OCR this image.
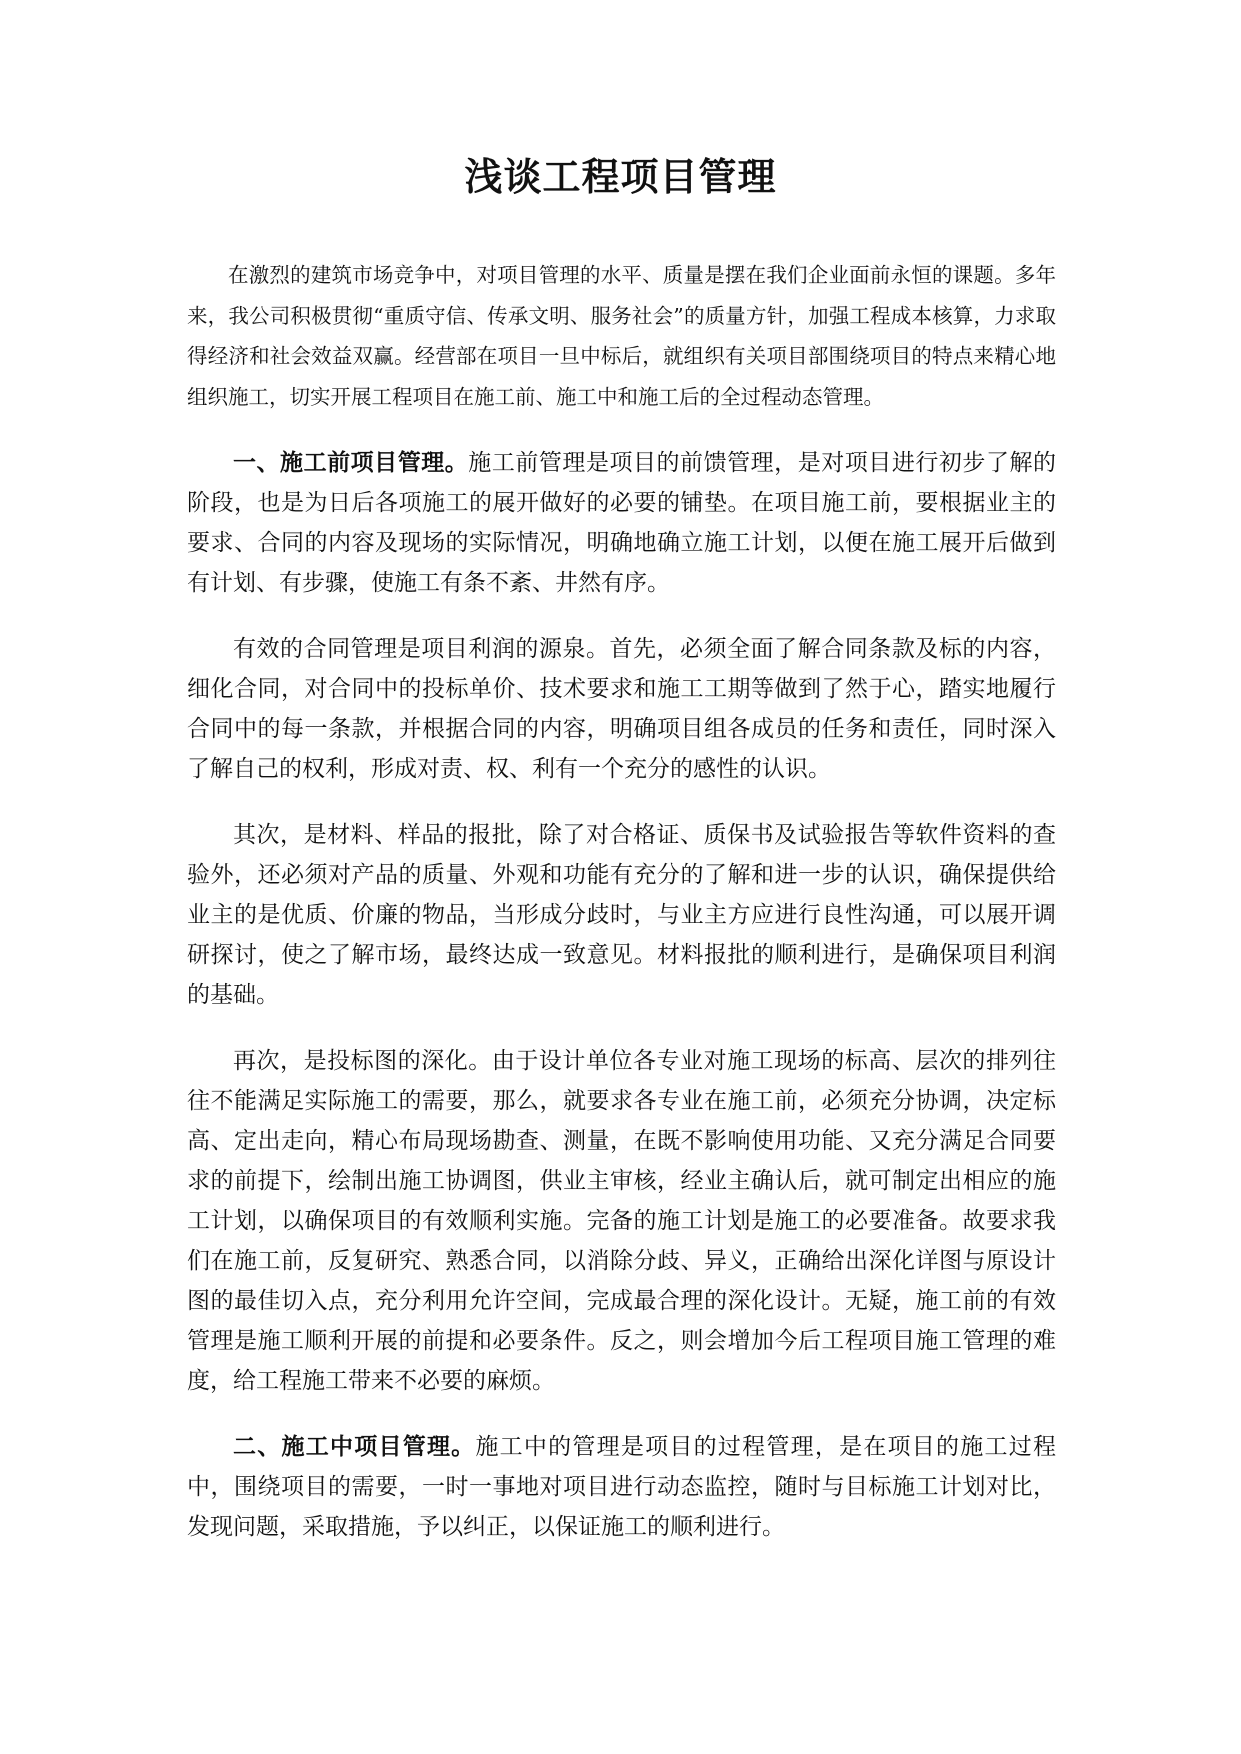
浅谈工程项目管理

在激烈的建筑市场竞争中，对项目管理的水平、质量是摆在我们企业面前永恒的课题。多年来，我公司积极贯彻“重质守信、传承文明、服务社会”的质量方针，加强工程成本核算，力求取得经济和社会效益双赢。经营部在项目一旦中标后，就组织有关项目部围绕项目的特点来精心地组织施工，切实开展工程项目在施工前、施工中和施工后的全过程动态管理。

一、施工前项目管理。施工前管理是项目的前馈管理，是对项目进行初步了解的阶段，也是为日后各项施工的展开做好的必要的铺垫。在项目施工前，要根据业主的要求、合同的内容及现场的实际情况，明确地确立施工计划，以便在施工展开后做到有计划、有步骤，使施工有条不紊、井然有序。

有效的合同管理是项目利润的源泉。首先，必须全面了解合同条款及标的内容，细化合同，对合同中的投标单价、技术要求和施工工期等做到了然于心，踏实地履行合同中的每一条款，并根据合同的内容，明确项目组各成员的任务和责任，同时深入了解自己的权利，形成对责、权、利有一个充分的感性的认识。

其次，是材料、样品的报批，除了对合格证、质保书及试验报告等软件资料的查验外，还必须对产品的质量、外观和功能有充分的了解和进一步的认识，确保提供给业主的是优质、价廉的物品，当形成分歧时，与业主方应进行良性沟通，可以展开调研探讨，使之了解市场，最终达成一致意见。材料报批的顺利进行，是确保项目利润的基础。

再次，是投标图的深化。由于设计单位各专业对施工现场的标高、层次的排列往往不能满足实际施工的需要，那么，就要求各专业在施工前，必须充分协调，决定标高、定出走向，精心布局现场勘查、测量，在既不影响使用功能、又充分满足合同要求的前提下，绘制出施工协调图，供业主审核，经业主确认后，就可制定出相应的施工计划，以确保项目的有效顺利实施。完备的施工计划是施工的必要准备。故要求我们在施工前，反复研究、熟悉合同，以消除分歧、异义，正确给出深化详图与原设计图的最佳切入点，充分利用允许空间，完成最合理的深化设计。无疑，施工前的有效管理是施工顺利开展的前提和必要条件。反之，则会增加今后工程项目施工管理的难度，给工程施工带来不必要的麻烦。

二、施工中项目管理。施工中的管理是项目的过程管理，是在项目的施工过程中，围绕项目的需要，一时一事地对项目进行动态监控，随时与目标施工计划对比，发现问题，采取措施，予以纠正，以保证施工的顺利进行。
